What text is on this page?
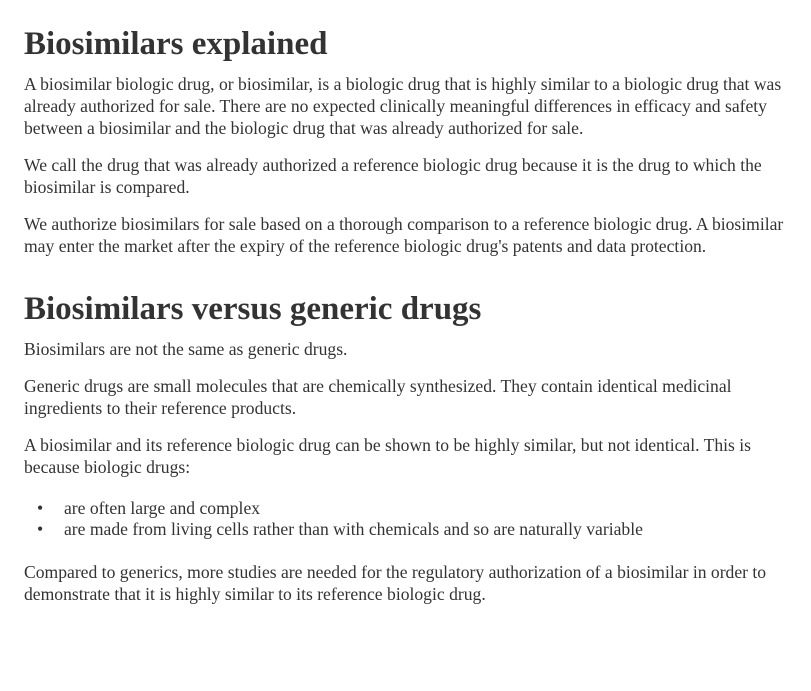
Biosimilars explained

A biosimilar biologic drug, or biosimilar, is a biologic drug that is highly similar to a biologic drug that was already authorized for sale. There are no expected clinically meaningful differences in efficacy and safety between a biosimilar and the biologic drug that was already authorized for sale.

We call the drug that was already authorized a reference biologic drug because it is the drug to which the biosimilar is compared.

We authorize biosimilars for sale based on a thorough comparison to a reference biologic drug. A biosimilar may enter the market after the expiry of the reference biologic drug's patents and data protection.

Biosimilars versus generic drugs

Biosimilars are not the same as generic drugs.

Generic drugs are small molecules that are chemically synthesized. They contain identical medicinal ingredients to their reference products.

A biosimilar and its reference biologic drug can be shown to be highly similar, but not identical. This is because biologic drugs:

• are often large and complex
• are made from living cells rather than with chemicals and so are naturally variable

Compared to generics, more studies are needed for the regulatory authorization of a biosimilar in order to demonstrate that it is highly similar to its reference biologic drug.
